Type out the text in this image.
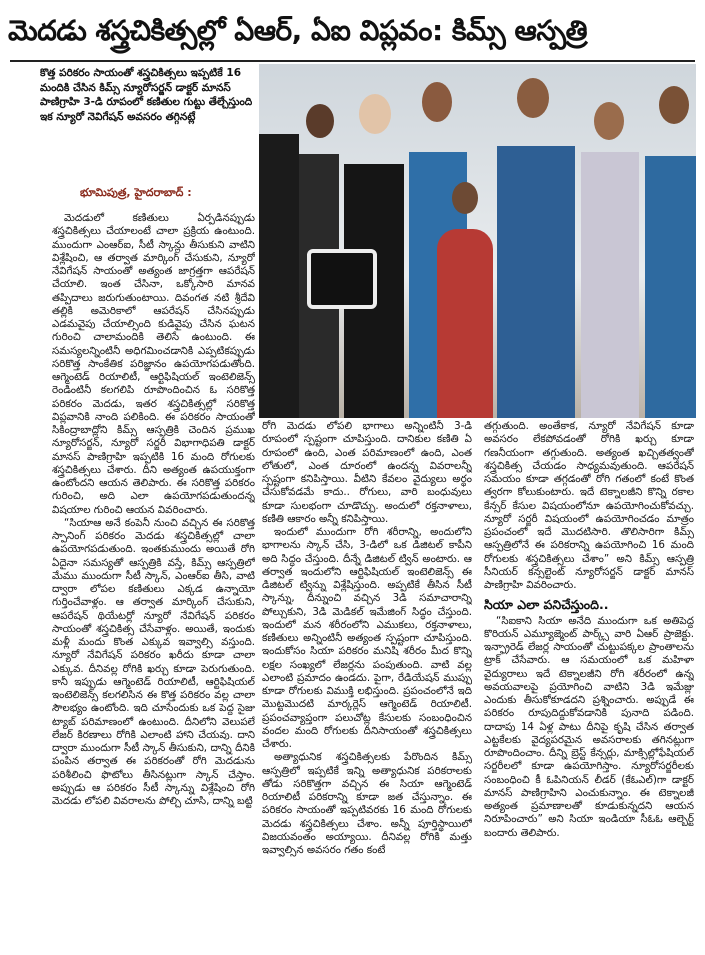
మెదడు శస్త్రచికిత్సల్లో ఏఆర్, ఏఐ విప్లవం: కిమ్స్ ఆస్పత్రి
కొత్త పరికరం సాయంతో శస్త్రచికిత్సలు ఇప్పటికే 16 మందికి చేసిన కిమ్స్ న్యూరోసర్జన్ డాక్టర్ మానస్ పాణిగ్రాహి 3-డి రూపంలో కణితుల గుట్టు తేల్చేస్తుంది ఇక న్యూరో నెవిగేషన్ అవసరం తగ్గినట్లే
భూమిపుత్ర, హైదరాబాద్ :

మెదడులో కణితులు ఏర్పడినప్పుడు శస్త్రచికిత్సలు చేయాలంటే చాలా ప్రక్రియ ఉంటుంది. ముందుగా ఎంఆర్ఐ, సీటీ స్కాన్లు తీసుకుని వాటిని విశ్లేషించి, ఆ తర్వాత మార్కింగ్ చేసుకుని, న్యూరో నేవిగేషన్ సాయంతో అత్యంత జాగ్రత్తగా ఆపరేషన్ చేయాలి. ఇంత చేసినా, ఒక్కోసారి మానవ తప్పిదాలు జరుగుతుంటాయి. దివంగత నటి శ్రీదేవి తల్లికి అమెరికాలో ఆపరేషన్ చేసినప్పుడు ఎడమవైపు చేయాల్సింది కుడివైపు చేసిన ఘటన గురించి చాలామందికి తెలిసే ఉంటుంది. ఈ సమస్యలన్నింటినీ అధిగమించడానికి ఎప్పటికప్పుడు సరికొత్త సాంకేతిక పరిజ్ఞానం ఉపయోగపడుతోంది. ఆగ్మెంటెడ్ రియాలిటీ, ఆర్టిఫిషియల్ ఇంటెలిజెన్స్ రెండింటినీ కలగలిపి రూపొందించిన ఓ సరికొత్త పరికరం మెదడు, ఇతర శస్త్రచికిత్సల్లో సరికొత్త విప్లవానికి నాంది పలికింది. ఈ పరికరం సాయంతో సికింద్రాబాద్లోని కిమ్స్ ఆస్పత్రికి చెందిన ప్రముఖ న్యూరోసర్జన్, న్యూరో సర్జరీ విభాగాధిపతి డాక్టర్ మానస్ పాణిగ్రాహి ఇప్పటికి 16 మంది రోగులకు శస్త్రచికిత్సలు చేశారు. దీని అత్యంత ఉపయుక్తంగా ఉంటోందని ఆయన తెలిపారు. ఈ సరికొత్త పరికరం గురించి, అది ఎలా ఉపయోగపడుతుందన్న విషయాల గురించి ఆయన వివరించారు.

“సియాఆ అనే కంపెనీ నుంచి వచ్చిన ఈ సరికొత్త స్పానింగ్ పరికరం మెదడు శస్త్రచికిత్సల్లో చాలా ఉపయోగపడుతుంది. ఇంతకుముందు అయితే రోగి ఏదైనా సమస్యతో ఆస్పత్రికి వస్తే, కిమ్స్ ఆస్పత్రిలో మేము ముందుగా సీటీ స్కాన్, ఎంఆర్ఐ తీసి, వాటి ద్వారా లోపల కణితులు ఎక్కడ ఉన్నాయో గుర్తించేవాళ్లం. ఆ తర్వాత మార్కింగ్ చేసుకుని, ఆపరేషన్ థియేటర్లో న్యూరో నేవిగేషన్ పరికరం సాయంతో శస్త్రచికిత్స చేసేవాళ్లం. అయితే, ఇందుకు మళ్లీ మందు కొంత ఎక్కువ ఇవ్వాల్సి వస్తుంది. న్యూరో నేవిగేషన్ పరికరం ఖరీదు కూడా చాలా ఎక్కువ. దీనివల్ల రోగికి ఖర్చు కూడా పెరుగుతుంది. కానీ ఇప్పుడు ఆగ్మెంటెడ్ రియాలిటీ, ఆర్టిఫిషియల్ ఇంటెలిజెన్స్ కలగలిసిన ఈ కొత్త పరికరం వల్ల చాలా సౌలభ్యం ఉంటోంది. ఇది చూసేందుకు ఒక పెద్ద సైజు ట్యాబ్ పరిమాణంలో ఉంటుంది. దీనిలోని వెలుపలే లేజర్ కిరణాలు రోగికి ఎలాంటి హాని చేయవు. దాని ద్వారా ముందుగా సీటీ స్కాన్ తీసుకుని, దాన్ని దీనికి పంపిన తర్వాత ఈ పరికరంతో రోగి మెదడును పరిశీలించి ఫొటోలు తీసినట్లుగా స్కాన్ చేస్తాం. అప్పుడు ఆ పరికరం సీటీ స్కాన్ను విశ్లేషించి రోగి మెదడు లోపలి వివరాలను పోల్చి చూసి, దాన్ని బట్టి

రోగి మెదడు లోపలి భాగాలు అన్నింటినీ 3-డి రూపంలో స్పష్టంగా చూపిస్తుంది. దానికుల కణితి ఏ రూపంలో ఉంది, ఎంత పరిమాణంలో ఉంది, ఎంత లోతులో, ఎంత దూరంలో ఉందన్న వివరాలన్నీ స్పష్టంగా కనిపిస్తాయి. వీటిని కేవలం వైద్యులు అర్థం చేసుకోవడమే కాదు.. రోగులు, వారి బంధువులు కూడా సులభంగా చూడొచ్చు. అందులో రక్తనాళాలు, కణితి ఆకారం అన్నీ కనిపిస్తాయి.

ఇందులో ముందుగా రోగి శరీరాన్ని, అందులోని భాగాలను స్కాన్ చేసి, 3-డిలో ఒక డిజిటల్ కాపీని అది సిద్ధం చేస్తుంది. దీన్నే డిజిటల్ ట్విన్ అంటారు. ఆ తర్వాత ఇందులోని ఆర్టిఫిషియల్ ఇంటెలిజెన్స్ ఈ డిజిటల్ ట్విన్ను విశ్లేషిస్తుంది. అప్పటికే తీసిన సీటీ స్కాన్ను, దీన్నుంచి వచ్చిన 3డి సమాచారాన్ని పోల్చుకుని, 3డి మెడికల్ ఇమేజింగ్ సిద్ధం చేస్తుంది. ఇందులో మన శరీరంలోని ఎముకలు, రక్తనాళాలు, కణితులు అన్నింటినీ అత్యంత స్పష్టంగా చూపిస్తుంది. ఇందుకోసం సియా పరికరం మనిషి శరీరం మీద కొన్ని లక్షల సంఖ్యలో లేజర్లను పంపుతుంది. వాటి వల్ల ఎలాంటి ప్రమాదం ఉండదు. పైగా, రేడియేషన్ ముప్పు కూడా రోగులకు విముక్తి లభిస్తుంది. ప్రపంచంలోనే ఇది మొట్టమొదటి మార్కర్లెస్ ఆగ్మెంటెడ్ రియాలిటీ. ప్రపంచవ్యాప్తంగా పలుచోట్ల కేసులకు సంబంధించిన వందల మంది రోగులకు దీనిసాయంతో శస్త్రచికిత్సలు చేశారు.

అత్యాధునిక శస్త్రచికిత్సలకు పేరొందిన కిమ్స్ ఆస్పత్రిలో ఇప్పటికే ఇన్ని అత్యాధునిక పరికరాలకు తోడు సరికొత్తగా వచ్చిన ఈ సియా ఆగ్మెంటెడ్ రియాలిటీ పరికరాన్ని కూడా జత చేస్తున్నాం. ఈ పరికరం సాయంతో ఇప్పటివరకు 16 మంది రోగులకు మెదడు శస్త్రచికిత్సలు చేశాం. అన్నీ పూర్తిస్థాయిలో విజయవంతం అయ్యాయి. దీనివల్ల రోగికి మత్తు ఇవ్వాల్సిన అవసరం గతం కంటే

తగ్గుతుంది. అంతేకాక, న్యూరో నేవిగేషన్ కూడా అవసరం లేకపోవడంతో రోగికి ఖర్చు కూడా గణనీయంగా తగ్గుతుంది. అత్యంత ఖచ్చితత్వంతో శస్త్రచికిత్స చేయడం సాధ్యమవుతుంది. ఆపరేషన్ సమయం కూడా తగ్గడంతో రోగి గతంలో కంటే కొంత త్వరగా కోలుకుంటారు. ఇదే టెక్నాలజీని కొన్ని రకాల కేన్సర్ కేసుల విషయంలోనూ ఉపయోగించుకోవచ్చు. న్యూరో సర్జరీ విషయంలో ఉపయోగించడం మాత్రం ప్రపంచంలో ఇదే మొదటిసారి. తొలిసారిగా కిమ్స్ ఆస్పత్రిలోనే ఈ పరికరాన్ని ఉపయోగించి 16 మంది రోగులకు శస్త్రచికిత్సలు చేశాం” అని కిమ్స్ ఆస్పత్రి సీనియర్ కన్సల్టెంట్ న్యూరోసర్జన్ డాక్టర్ మానస్ పాణిగ్రాహి వివరించారు.

సియా ఎలా పనిచేస్తుంది..

“సిఐకాని సియా అనేది ముందుగా ఒక అతిపెద్ద కొరియన్ ఎమ్యూజ్మెంట్ పార్క్స్ వారి ఏఆర్ ప్రాజెక్టు. ఇన్ఫ్రారెడ్ లేజర్ల సాయంతో చుట్టుపక్కల ప్రాంతాలను ట్రాక్ చేసేవారు. ఆ సమయంలో ఒక మహిళా వైద్యురాలు ఇదే టెక్నాలజీని రోగి శరీరంలో ఉన్న అవయవాలపై ప్రయోగించి వాటిని 3డి ఇమేజ్లు ఎందుకు తీసుకోకూడదని ప్రశ్నించారు. అప్పుడే ఈ పరికరం రూపుదిద్దుకోవడానికి పునాది పడింది. దాదాపు 14 ఏళ్ల పాటు దీనిపై కృషి చేసిన తర్వాత ఎట్టకేలకు వైద్యపరమైన అవసరాలకు తగినట్లుగా రూపొందించాం. దీన్ని బ్రెస్ట్ కేన్సర్లు, మాక్సిల్లోఫేషియల్ సర్జరీలలో కూడా ఉపయోగిస్తాం. న్యూరోసర్జరీలకు సంబంధించి కీ ఓపినియన్ లీడర్ (కేఓఎల్)గా డాక్టర్ మానస్ పాణిగ్రాహిని ఎంచుకున్నాం. ఈ టెక్నాలజీ అత్యంత ప్రమాణాలతో కూడుకున్నదని ఆయన నిరూపించారు” అని సియా ఇండియా సీఓఓ ఆల్బెర్ట్ బందారు తెలిపారు.
